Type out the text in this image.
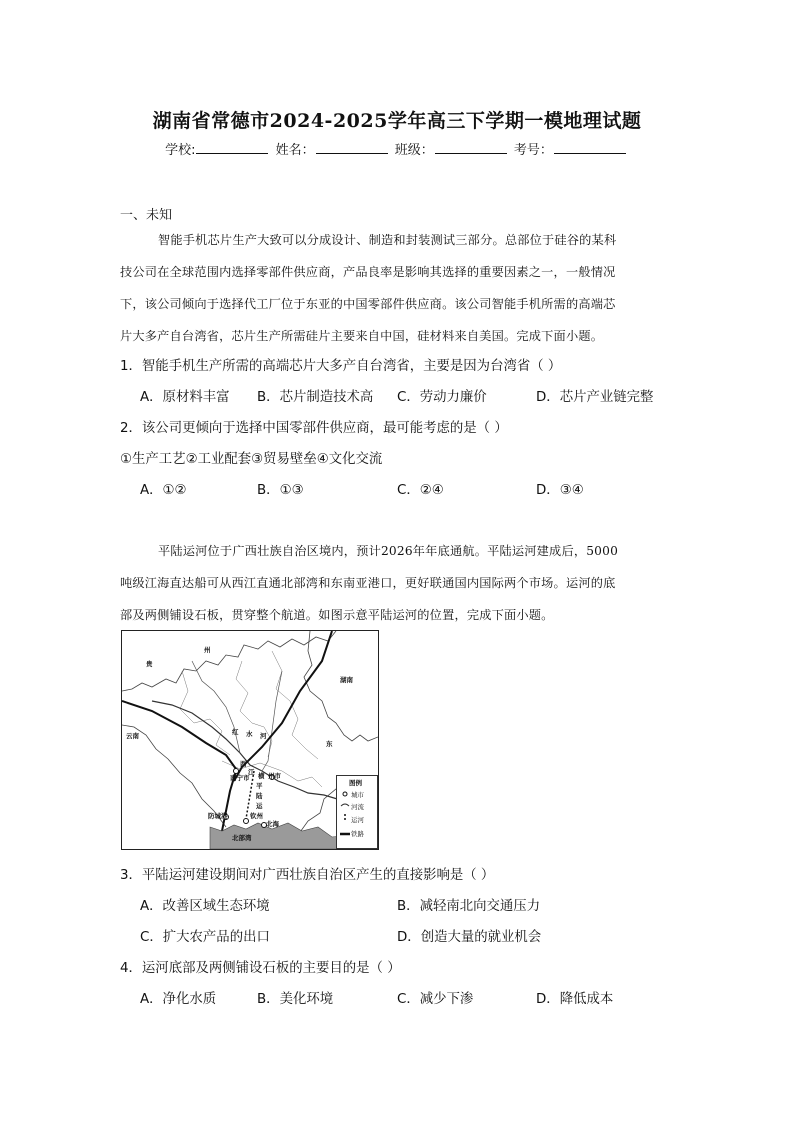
湖南省常德市2024-2025学年高三下学期一模地理试题
学校:	姓名：	班级：	考号：
一、未知
智能手机芯片生产大致可以分成设计、制造和封装测试三部分。总部位于硅谷的某科
技公司在全球范围内选择零部件供应商，产品良率是影响其选择的重要因素之一，一般情况
下，该公司倾向于选择代工厂位于东亚的中国零部件供应商。该公司智能手机所需的高端芯
片大多产自台湾省，芯片生产所需硅片主要来自中国，硅材料来自美国。完成下面小题。
1．智能手机生产所需的高端芯片大多产自台湾省，主要是因为台湾省（ ）
A．原材料丰富 B．芯片制造技术高 C．劳动力廉价	D．芯片产业链完整
2．该公司更倾向于选择中国零部件供应商，最可能考虑的是（ ）
①生产工艺②工业配套③贸易壁垒④文化交流
A．①②	B．①③	C．②④	D．③④
平陆运河位于广西壮族自治区境内，预计2026年年底通航。平陆运河建成后，5000
吨级江海直达船可从西江直通北部湾和东南亚港口，更好联通国内国际两个市场。运河的底
部及两侧铺设石板，贯穿整个航道。如图示意平陆运河的位置，完成下面小题。
贵
州
湖南
云南	红 水 河
南宁市
西
江 横 州市
平
陆
运
钦州
防城港
北海
北部湾
东
图例
城市
河流
运河
铁路
3．平陆运河建设期间对广西壮族自治区产生的直接影响是（ ）
A．改善区域生态环境	B．减轻南北向交通压力
C．扩大农产品的出口	D．创造大量的就业机会
4．运河底部及两侧铺设石板的主要目的是（ ）
A．净化水质	B．美化环境	C．减少下渗	D．降低成本
